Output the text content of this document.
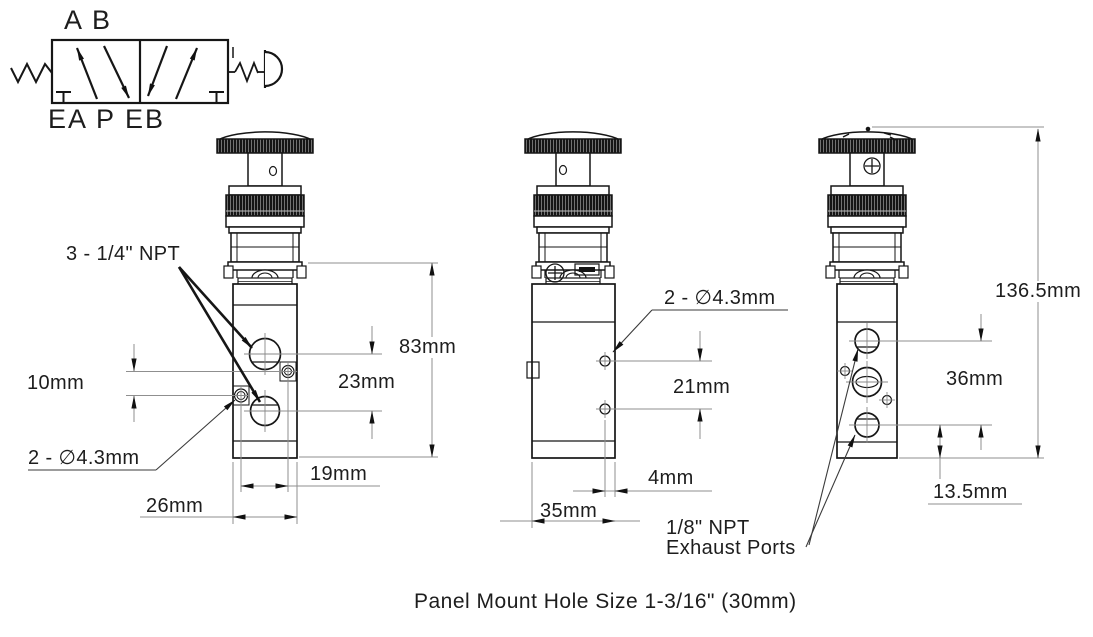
A B
EA P EB
3 - 1/4" NPT
10mm
2 - ∅4.3mm
83mm
23mm
19mm
26mm
2 - ∅4.3mm
21mm
4mm
35mm
1/8" NPT
Exhaust Ports
136.5mm
36mm
13.5mm
Panel Mount Hole Size 1-3/16" (30mm)
